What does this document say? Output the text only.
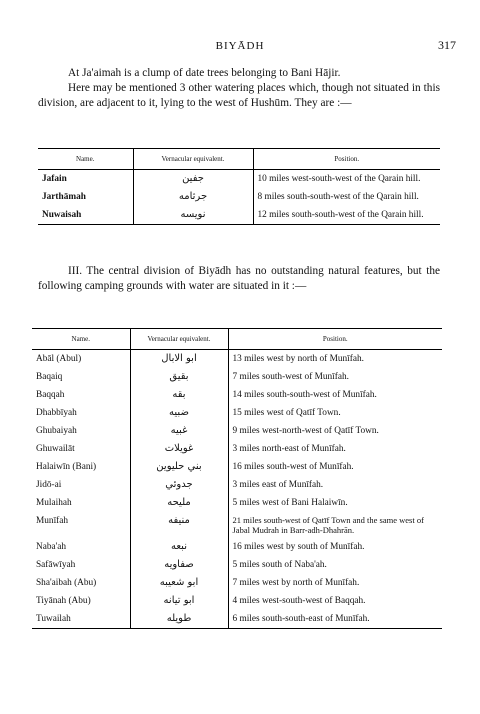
BIYĀDH	317

At Ja'aimah is a clump of date trees belonging to Bani Hājir.

Here may be mentioned 3 other watering places which, though not situated in this division, are adjacent to it, lying to the west of Hushūm. They are :—

Name.	Vernacular equivalent.	Position.
Jafain	جفين	10 miles west-south-west of the Qarain hill.
Jarthāmah	جرثامه	8 miles south-south-west of the Qarain hill.
Nuwaisah	نويسه	12 miles south-south-west of the Qarain hill.

III. The central division of Biyādh has no outstanding natural features, but the following camping grounds with water are situated in it :—

Name.	Vernacular equivalent.	Position.
Abāl (Abul)	ابو الابال	13 miles west by north of Munīfah.
Baqaiq	بقيق	7 miles south-west of Munīfah.
Baqqah	بقه	14 miles south-south-west of Munīfah.
Dhabbīyah	ضبيه	15 miles west of Qatīf Town.
Ghubaiyah	غبيه	9 miles west-north-west of Qatīf Town.
Ghuwailāt	غويلات	3 miles north-east of Munīfah.
Halaiwīn (Bani)	بني حليوين	16 miles south-west of Munīfah.
Jidō-ai	جدوئي	3 miles east of Munīfah.
Mulaihah	مليحه	5 miles west of Bani Halaiwīn.
Munīfah	منيفه	21 miles south-west of Qatīf Town and the same west of Jabal Mudrah in Barr-adh-Dhahrān.
Naba'ah	نبعه	16 miles west by south of Munīfah.
Safāwīyah	صفاويه	5 miles south of Naba'ah.
Sha'aibah (Abu)	ابو شعيبه	7 miles west by north of Munīfah.
Tiyānah (Abu)	ابو تيانه	4 miles west-south-west of Baqqah.
Tuwailah	طويله	6 miles south-south-east of Munīfah.
